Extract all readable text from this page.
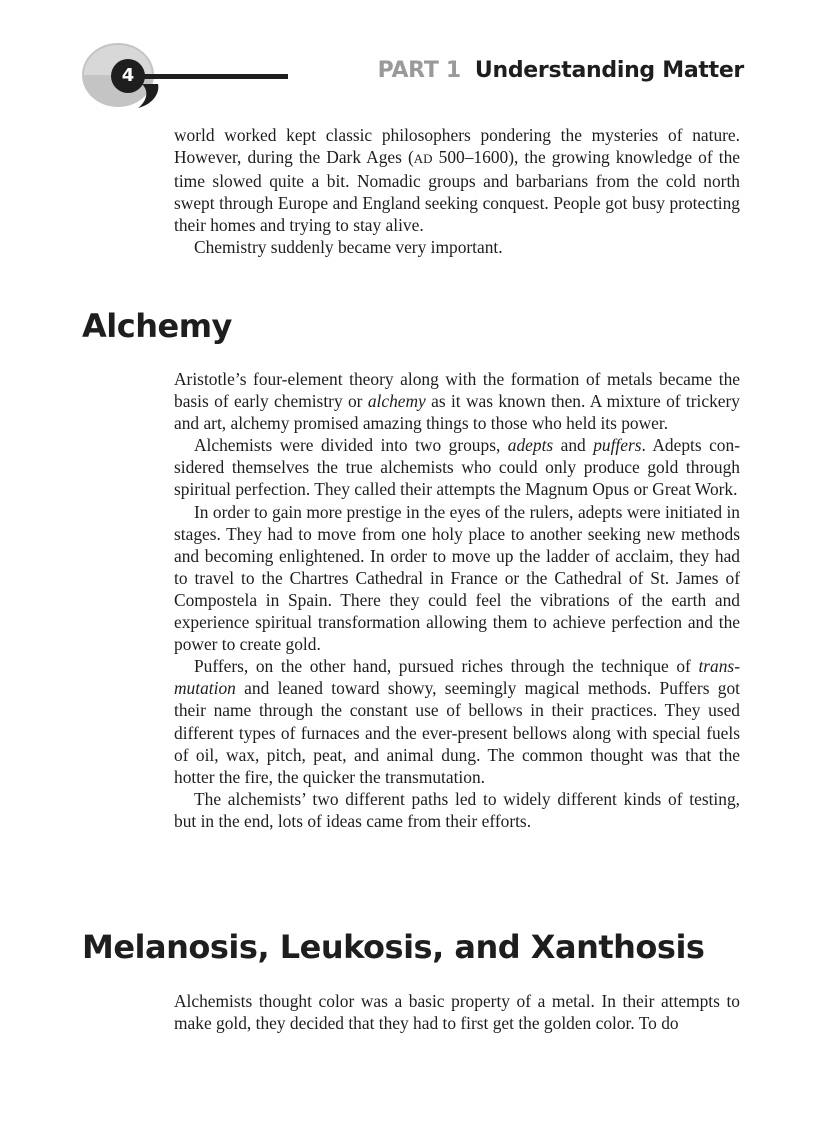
4	PART 1 Understanding Matter

world worked kept classic philosophers pondering the mysteries of nature. However, during the Dark Ages (AD 500–1600), the growing knowledge of the time slowed quite a bit. Nomadic groups and barbarians from the cold north swept through Europe and England seeking conquest. People got busy protecting their homes and trying to stay alive.

Chemistry suddenly became very important.

Alchemy

Aristotle’s four-element theory along with the formation of metals became the basis of early chemistry or alchemy as it was known then. A mixture of trickery and art, alchemy promised amazing things to those who held its power.

Alchemists were divided into two groups, adepts and puffers. Adepts considered themselves the true alchemists who could only produce gold through spiritual perfection. They called their attempts the Magnum Opus or Great Work.

In order to gain more prestige in the eyes of the rulers, adepts were initiated in stages. They had to move from one holy place to another seeking new methods and becoming enlightened. In order to move up the ladder of acclaim, they had to travel to the Chartres Cathedral in France or the Cathedral of St. James of Compostela in Spain. There they could feel the vibrations of the earth and experience spiritual transformation allowing them to achieve perfection and the power to create gold.

Puffers, on the other hand, pursued riches through the technique of transmutation and leaned toward showy, seemingly magical methods. Puffers got their name through the constant use of bellows in their practices. They used different types of furnaces and the ever-present bellows along with special fuels of oil, wax, pitch, peat, and animal dung. The common thought was that the hotter the fire, the quicker the transmutation.

The alchemists’ two different paths led to widely different kinds of testing, but in the end, lots of ideas came from their efforts.

Melanosis, Leukosis, and Xanthosis

Alchemists thought color was a basic property of a metal. In their attempts to make gold, they decided that they had to first get the golden color. To do
